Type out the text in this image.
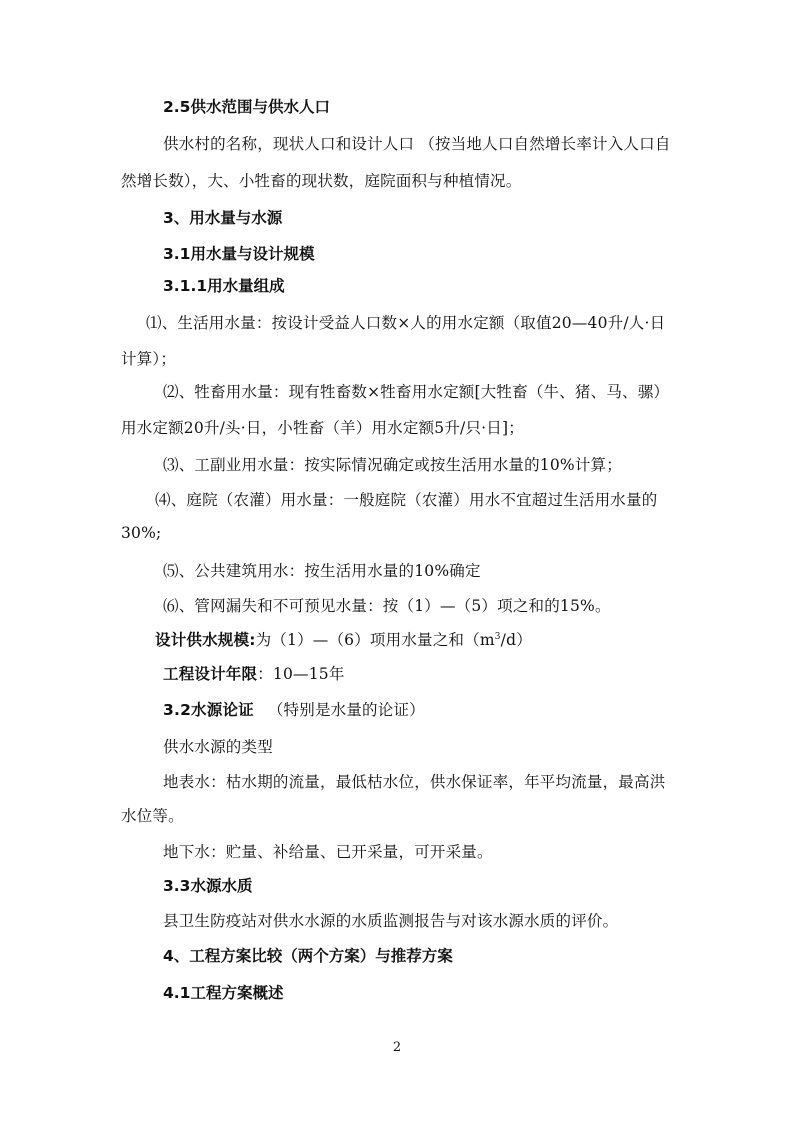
2.5供水范围与供水人口
供水村的名称，现状人口和设计人口 （按当地人口自然增长率计入人口自
然增长数），大、小牲畜的现状数，庭院面积与种植情况。
3、用水量与水源
3.1用水量与设计规模
3.1.1用水量组成
⑴、生活用水量：按设计受益人口数×人的用水定额（取值20—40升/人·日
计算）；
⑵、牲畜用水量：现有牲畜数×牲畜用水定额[大牲畜（牛、猪、马、骡）
用水定额20升/头·日，小牲畜（羊）用水定额5升/只·日]；
⑶、工副业用水量：按实际情况确定或按生活用水量的10%计算；
⑷、庭院（农灌）用水量：一般庭院（农灌）用水不宜超过生活用水量的
30%;
⑸、公共建筑用水：按生活用水量的10%确定
⑹、管网漏失和不可预见水量：按（1）—（5）项之和的15%。
设计供水规模:为（1）—（6）项用水量之和$(m^3/d)$
工程设计年限：10—15年
3.2水源论证 （特别是水量的论证）
供水水源的类型
地表水：枯水期的流量，最低枯水位，供水保证率，年平均流量，最高洪
水位等。
地下水：贮量、补给量、已开采量，可开采量。
3.3水源水质
县卫生防疫站对供水水源的水质监测报告与对该水源水质的评价。
4、工程方案比较（两个方案）与推荐方案
4.1工程方案概述
2
